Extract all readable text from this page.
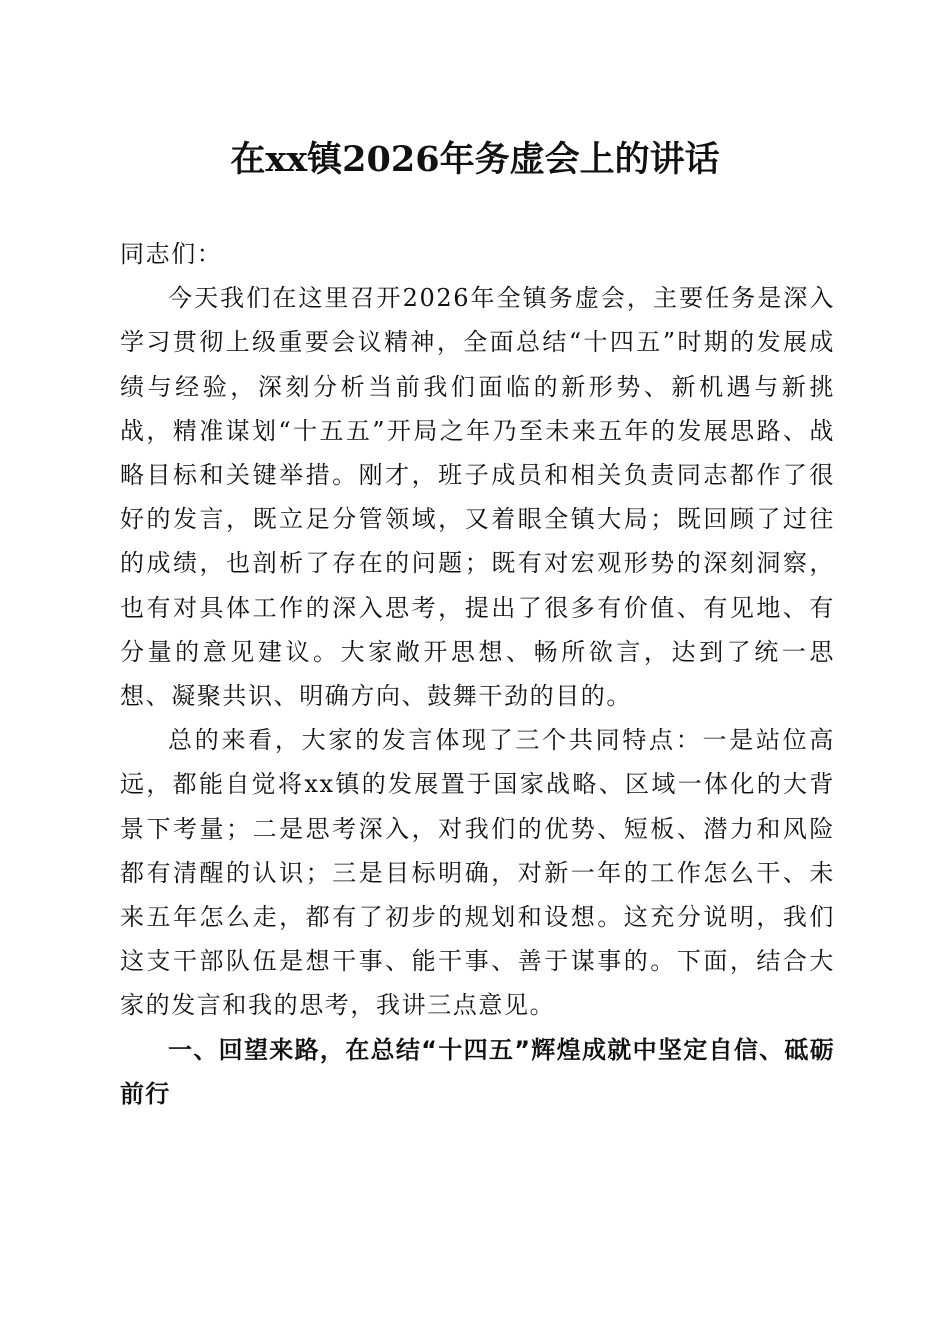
在xx镇2026年务虚会上的讲话

同志们：

今天我们在这里召开2026年全镇务虚会，主要任务是深入学习贯彻上级重要会议精神，全面总结“十四五”时期的发展成绩与经验，深刻分析当前我们面临的新形势、新机遇与新挑战，精准谋划“十五五”开局之年乃至未来五年的发展思路、战略目标和关键举措。刚才，班子成员和相关负责同志都作了很好的发言，既立足分管领域，又着眼全镇大局；既回顾了过往的成绩，也剖析了存在的问题；既有对宏观形势的深刻洞察，也有对具体工作的深入思考，提出了很多有价值、有见地、有分量的意见建议。大家敞开思想、畅所欲言，达到了统一思想、凝聚共识、明确方向、鼓舞干劲的目的。

总的来看，大家的发言体现了三个共同特点：一是站位高远，都能自觉将xx镇的发展置于国家战略、区域一体化的大背景下考量；二是思考深入，对我们的优势、短板、潜力和风险都有清醒的认识；三是目标明确，对新一年的工作怎么干、未来五年怎么走，都有了初步的规划和设想。这充分说明，我们这支干部队伍是想干事、能干事、善于谋事的。下面，结合大家的发言和我的思考，我讲三点意见。

一、回望来路，在总结“十四五”辉煌成就中坚定自信、砥砺前行
